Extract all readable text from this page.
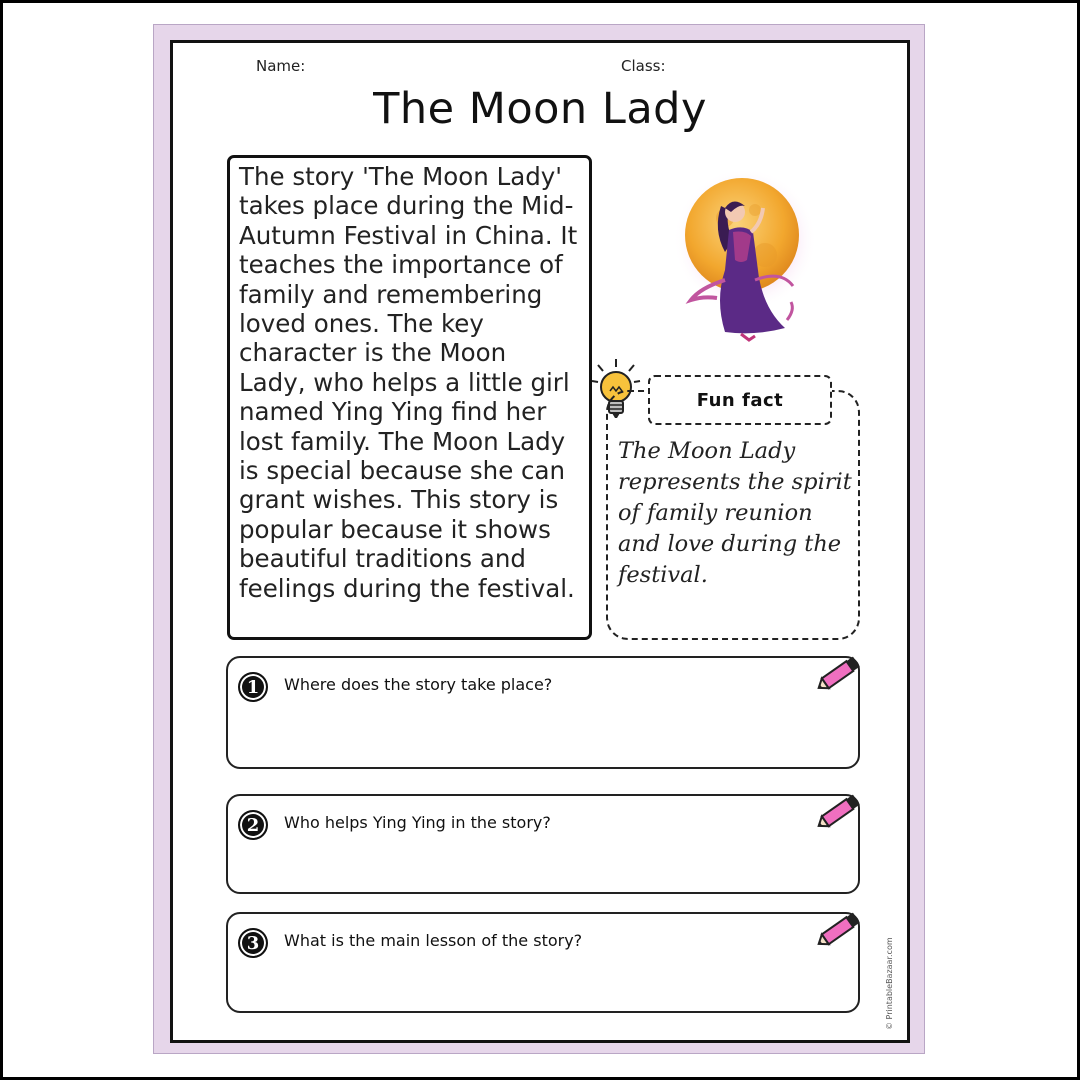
Name:	Class:
The Moon Lady

The story 'The Moon Lady' takes place during the Mid-Autumn Festival in China. It teaches the importance of family and remembering loved ones. The key character is the Moon Lady, who helps a little girl named Ying Ying find her lost family. The Moon Lady is special because she can grant wishes. This story is popular because it shows beautiful traditions and feelings during the festival.

Fun fact

The Moon Lady represents the spirit of family reunion and love during the festival.

1	Where does the story take place?
2	Who helps Ying Ying in the story?
3	What is the main lesson of the story?	© PrintableBazaar.com
